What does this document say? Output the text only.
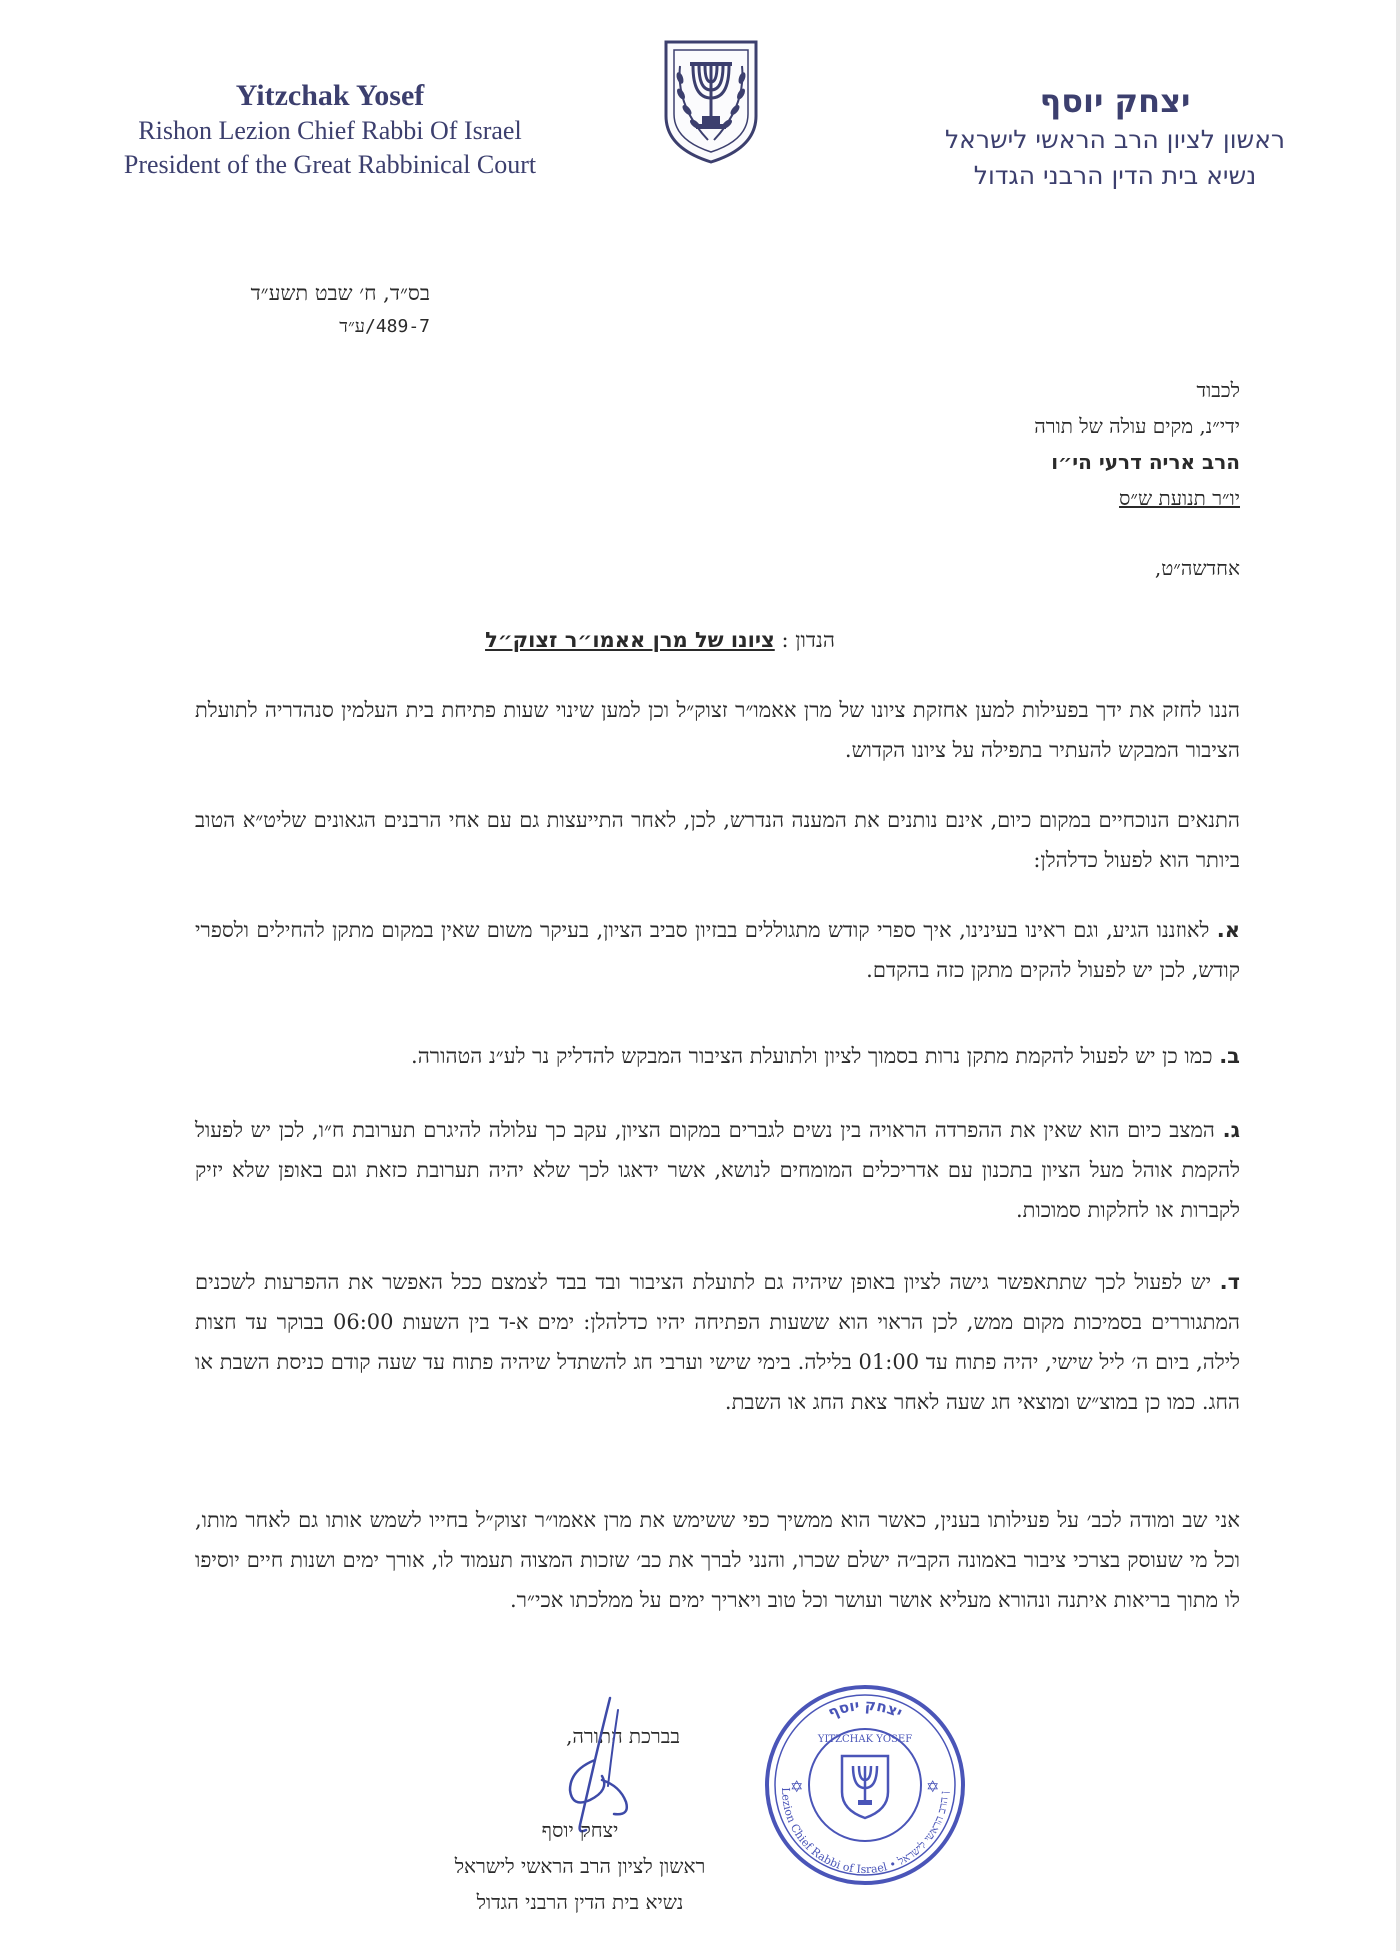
Yitzchak Yosef
Rishon Lezion Chief Rabbi Of Israel
President of the Great Rabbinical Court
יצחק יוסף
ראשון לציון הרב הראשי לישראל
נשיא בית הדין הרבני הגדול
בס״ד, ח׳ שבט תשע״ד
489-7/ע״ד
לכבוד
ידי״נ, מקים עולה של תורה
הרב אריה דרעי הי״ו
יו״ר תנועת ש״ס
אחדשה״ט,
הנדון : ציונו של מרן אאמו״ר זצוק״ל
הננו לחזק את ידך בפעילות למען אחזקת ציונו של מרן אאמו״ר זצוק״ל וכן למען שינוי שעות פתיחת בית העלמין סנהדריה לתועלת הציבור המבקש להעתיר בתפילה על ציונו הקדוש.
התנאים הנוכחיים במקום כיום, אינם נותנים את המענה הנדרש, לכן, לאחר התייעצות גם עם אחי הרבנים הגאונים שליט״א הטוב ביותר הוא לפעול כדלהלן:
א. לאוזננו הגיע, וגם ראינו בעינינו, איך ספרי קודש מתגוללים בבזיון סביב הציון, בעיקר משום שאין במקום מתקן להחילים ולספרי קודש, לכן יש לפעול להקים מתקן כזה בהקדם.
ב. כמו כן יש לפעול להקמת מתקן נרות בסמוך לציון ולתועלת הציבור המבקש להדליק נר לע״נ הטהורה.
ג. המצב כיום הוא שאין את ההפרדה הראויה בין נשים לגברים במקום הציון, עקב כך עלולה להיגרם תערובת ח״ו, לכן יש לפעול להקמת אוהל מעל הציון בתכנון עם אדריכלים המומחים לנושא, אשר ידאגו לכך שלא יהיה תערובת כזאת וגם באופן שלא יזיק לקברות או לחלקות סמוכות.
ד. יש לפעול לכך שתתאפשר גישה לציון באופן שיהיה גם לתועלת הציבור ובד בבד לצמצם ככל האפשר את ההפרעות לשכנים המתגוררים בסמיכות מקום ממש, לכן הראוי הוא ששעות הפתיחה יהיו כדלהלן: ימים א-ד בין השעות 06:00 בבוקר עד חצות לילה, ביום ה׳ ליל שישי, יהיה פתוח עד 01:00 בלילה. בימי שישי וערבי חג להשתדל שיהיה פתוח עד שעה קודם כניסת השבת או החג. כמו כן במוצ״ש ומוצאי חג שעה לאחר צאת החג או השבת.
אני שב ומודה לכב׳ על פעילותו בענין, כאשר הוא ממשיך כפי ששימש את מרן אאמו״ר זצוק״ל בחייו לשמש אותו גם לאחר מותו, וכל מי שעוסק בצרכי ציבור באמונה הקב״ה ישלם שכרו, והנני לברך את כב׳ שזכות המצוה תעמוד לו, אורך ימים ושנות חיים יוסיפו לו מתוך בריאות איתנה ונהורא מעליא אושר ועושר וכל טוב ויאריך ימים על ממלכתו אכי״ר.
בברכת התורה,
יצחק יוסף
ראשון לציון הרב הראשי לישראל
נשיא בית הדין הרבני הגדול
✡	✡
יצחק יוסף
Lezion Chief Rabbi of Israel • ן הרב הראשי לישראל
YITZCHAK YOSEF
